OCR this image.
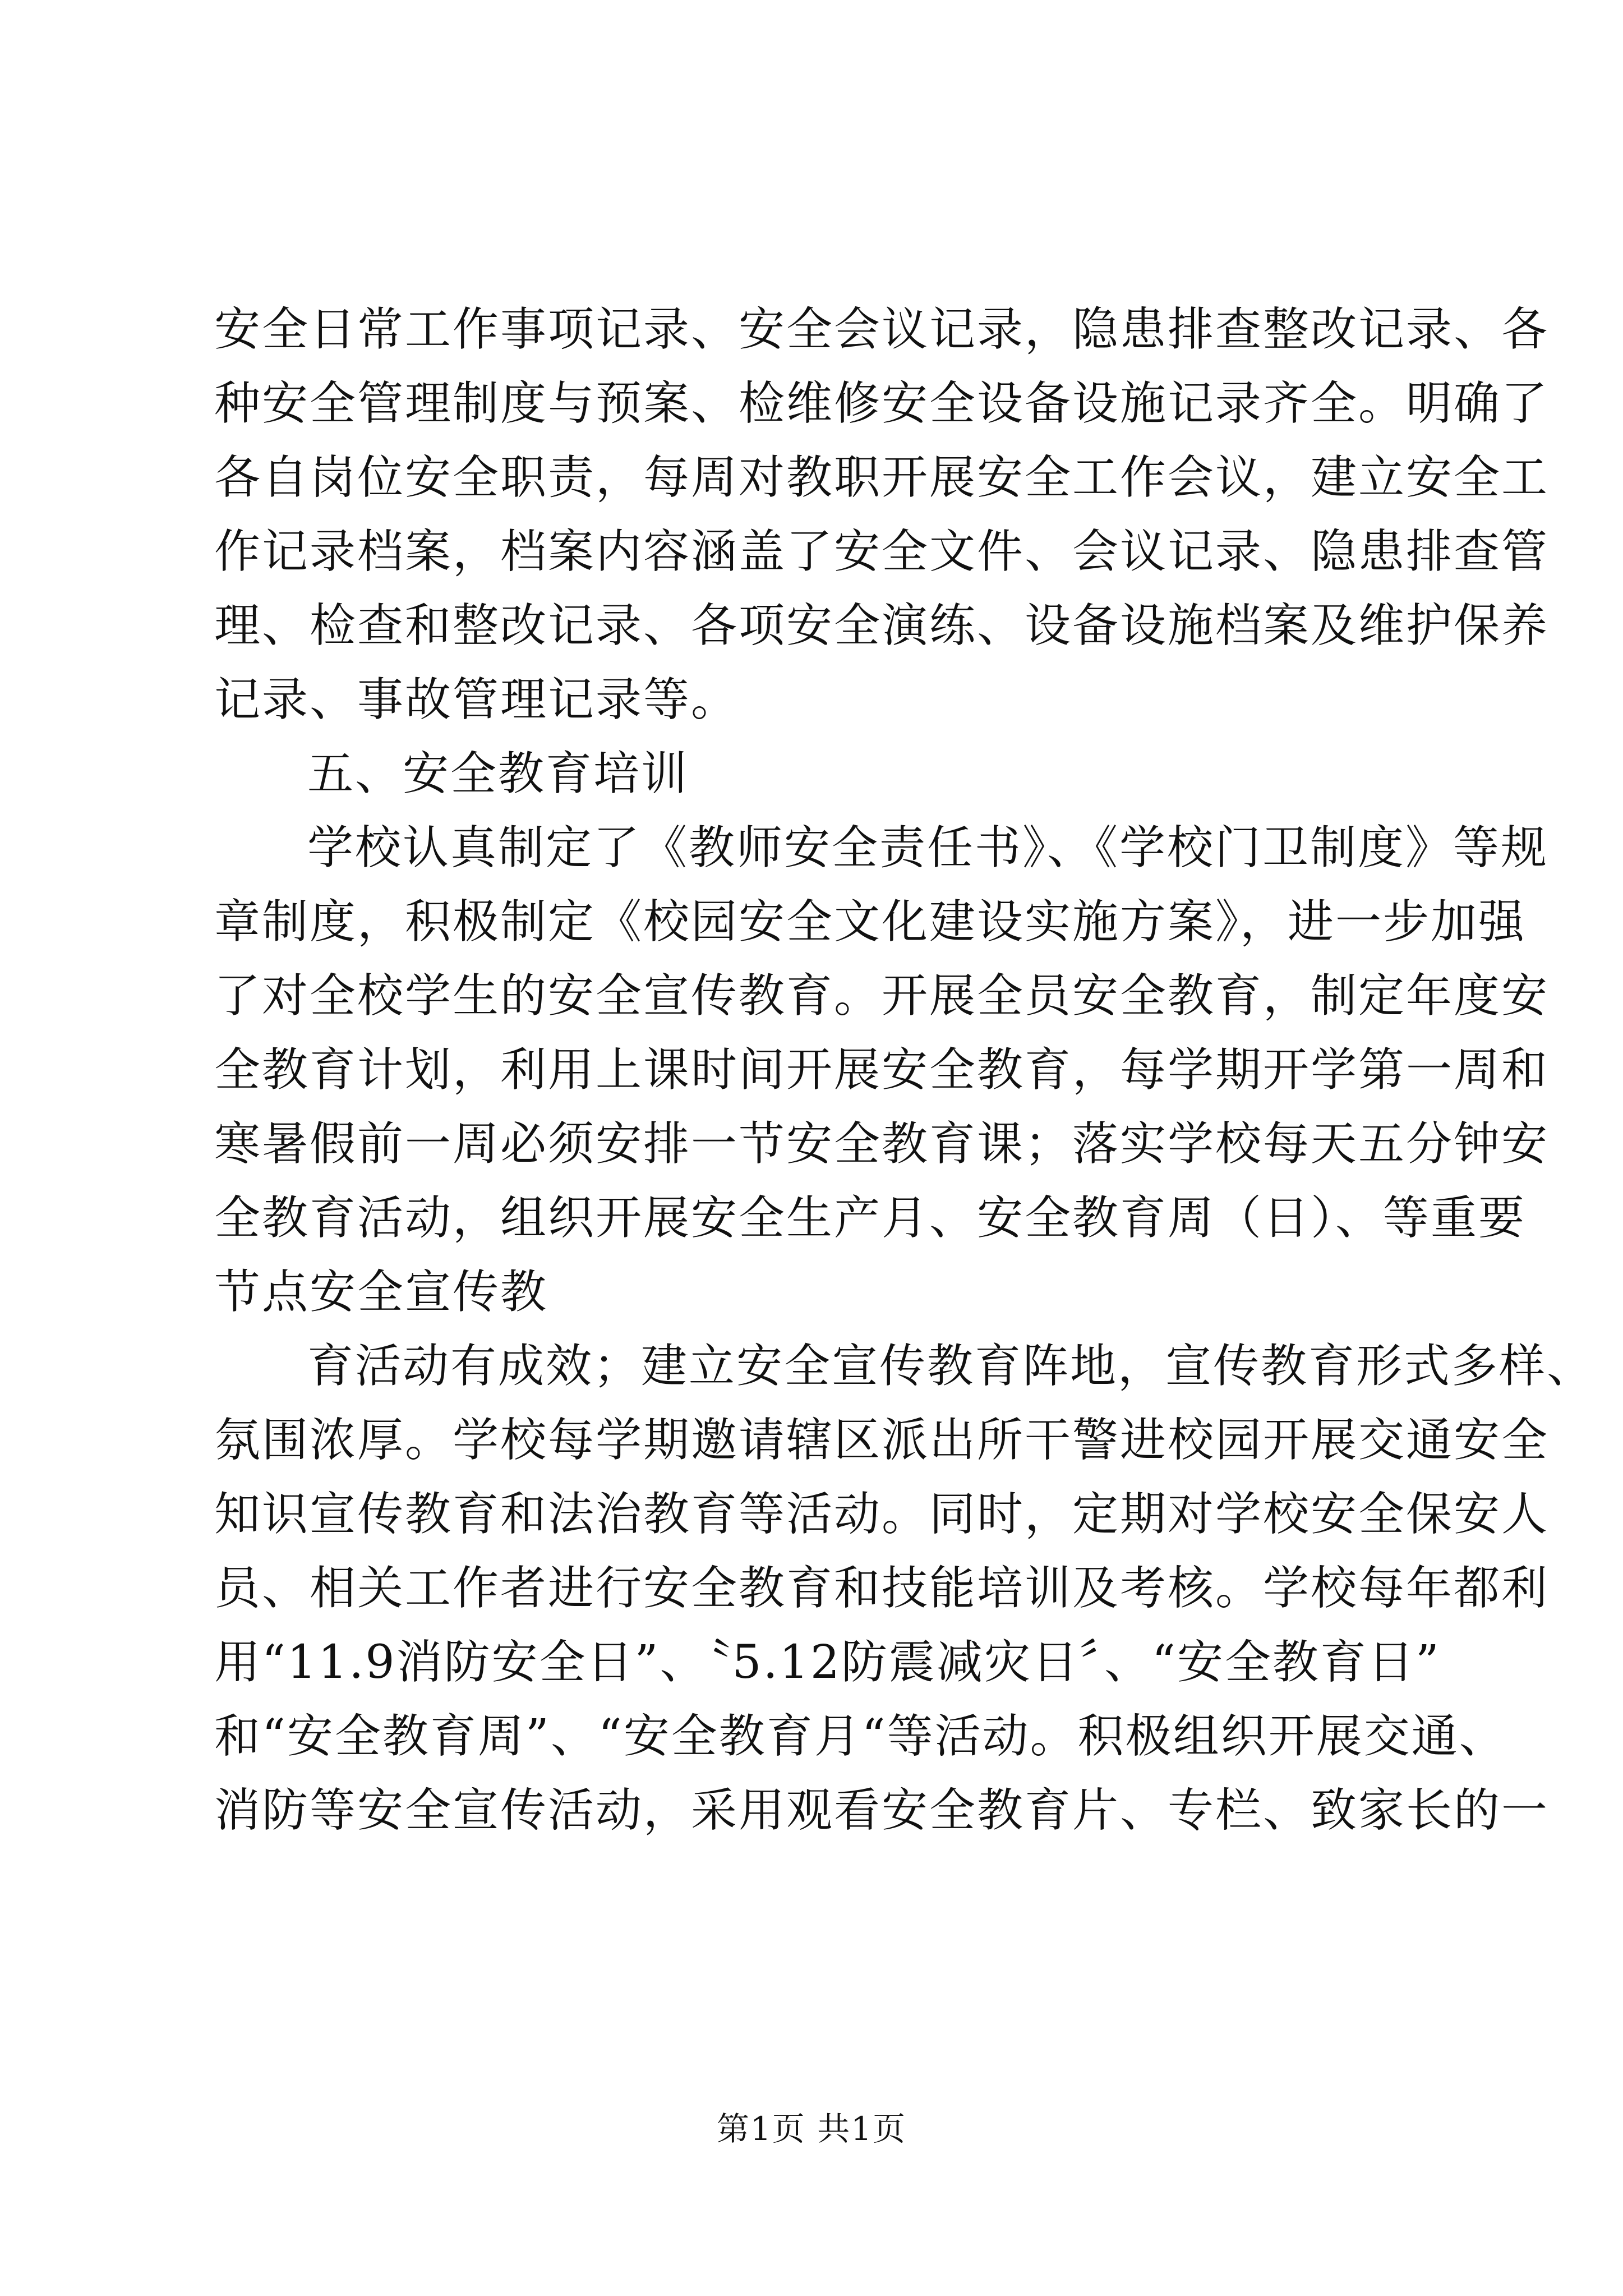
安全日常工作事项记录、安全会议记录，隐患排查整改记录、各
种安全管理制度与预案、检维修安全设备设施记录齐全。明确了
各自岗位安全职责，每周对教职开展安全工作会议，建立安全工
作记录档案，档案内容涵盖了安全文件、会议记录、隐患排查管
理、检查和整改记录、各项安全演练、设备设施档案及维护保养
记录、事故管理记录等。
五、安全教育培训
学校认真制定了《教师安全责任书》、《学校门卫制度》等规
章制度，积极制定《校园安全文化建设实施方案》，进一步加强
了对全校学生的安全宣传教育。开展全员安全教育，制定年度安
全教育计划，利用上课时间开展安全教育，每学期开学第一周和
寒暑假前一周必须安排一节安全教育课；落实学校每天五分钟安
全教育活动，组织开展安全生产月、安全教育周（日）、等重要
节点安全宣传教
育活动有成效；建立安全宣传教育阵地，宣传教育形式多样、
氛围浓厚。学校每学期邀请辖区派出所干警进校园开展交通安全
知识宣传教育和法治教育等活动。同时，定期对学校安全保安人
员、相关工作者进行安全教育和技能培训及考核。学校每年都利
用“11.9消防安全日”、〝5.12防震减灾日〞、“安全教育日”
和“安全教育周”、“安全教育月“等活动。积极组织开展交通、
消防等安全宣传活动，采用观看安全教育片、专栏、致家长的一
第1页 共1页
